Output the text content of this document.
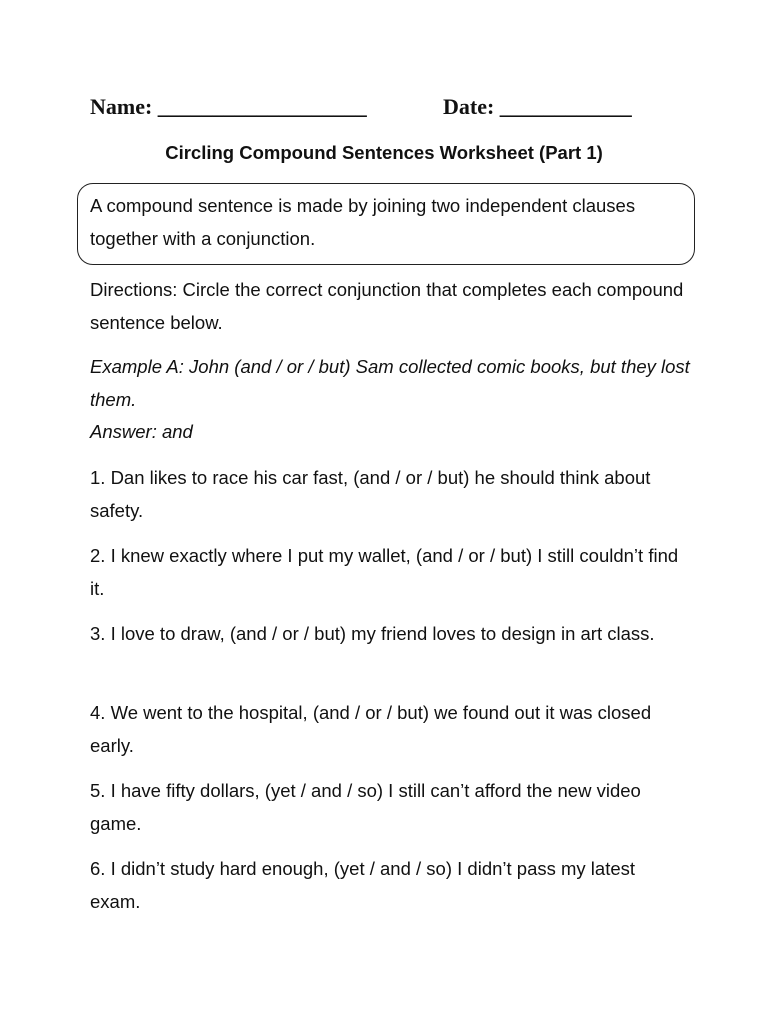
Name: ___________________	Date: ____________
Circling Compound Sentences Worksheet (Part 1)
A compound sentence is made by joining two independent clauses together with a conjunction.

Directions: Circle the correct conjunction that completes each compound sentence below.

Example A: John (and / or / but) Sam collected comic books, but they lost them.

Answer: and

1. Dan likes to race his car fast, (and / or / but) he should think about safety.

2. I knew exactly where I put my wallet, (and / or / but) I still couldn’t find it.

3. I love to draw, (and / or / but) my friend loves to design in art class.

4. We went to the hospital, (and / or / but) we found out it was closed early.

5. I have fifty dollars, (yet / and / so) I still can’t afford the new video game.

6. I didn’t study hard enough, (yet / and / so) I didn’t pass my latest exam.
